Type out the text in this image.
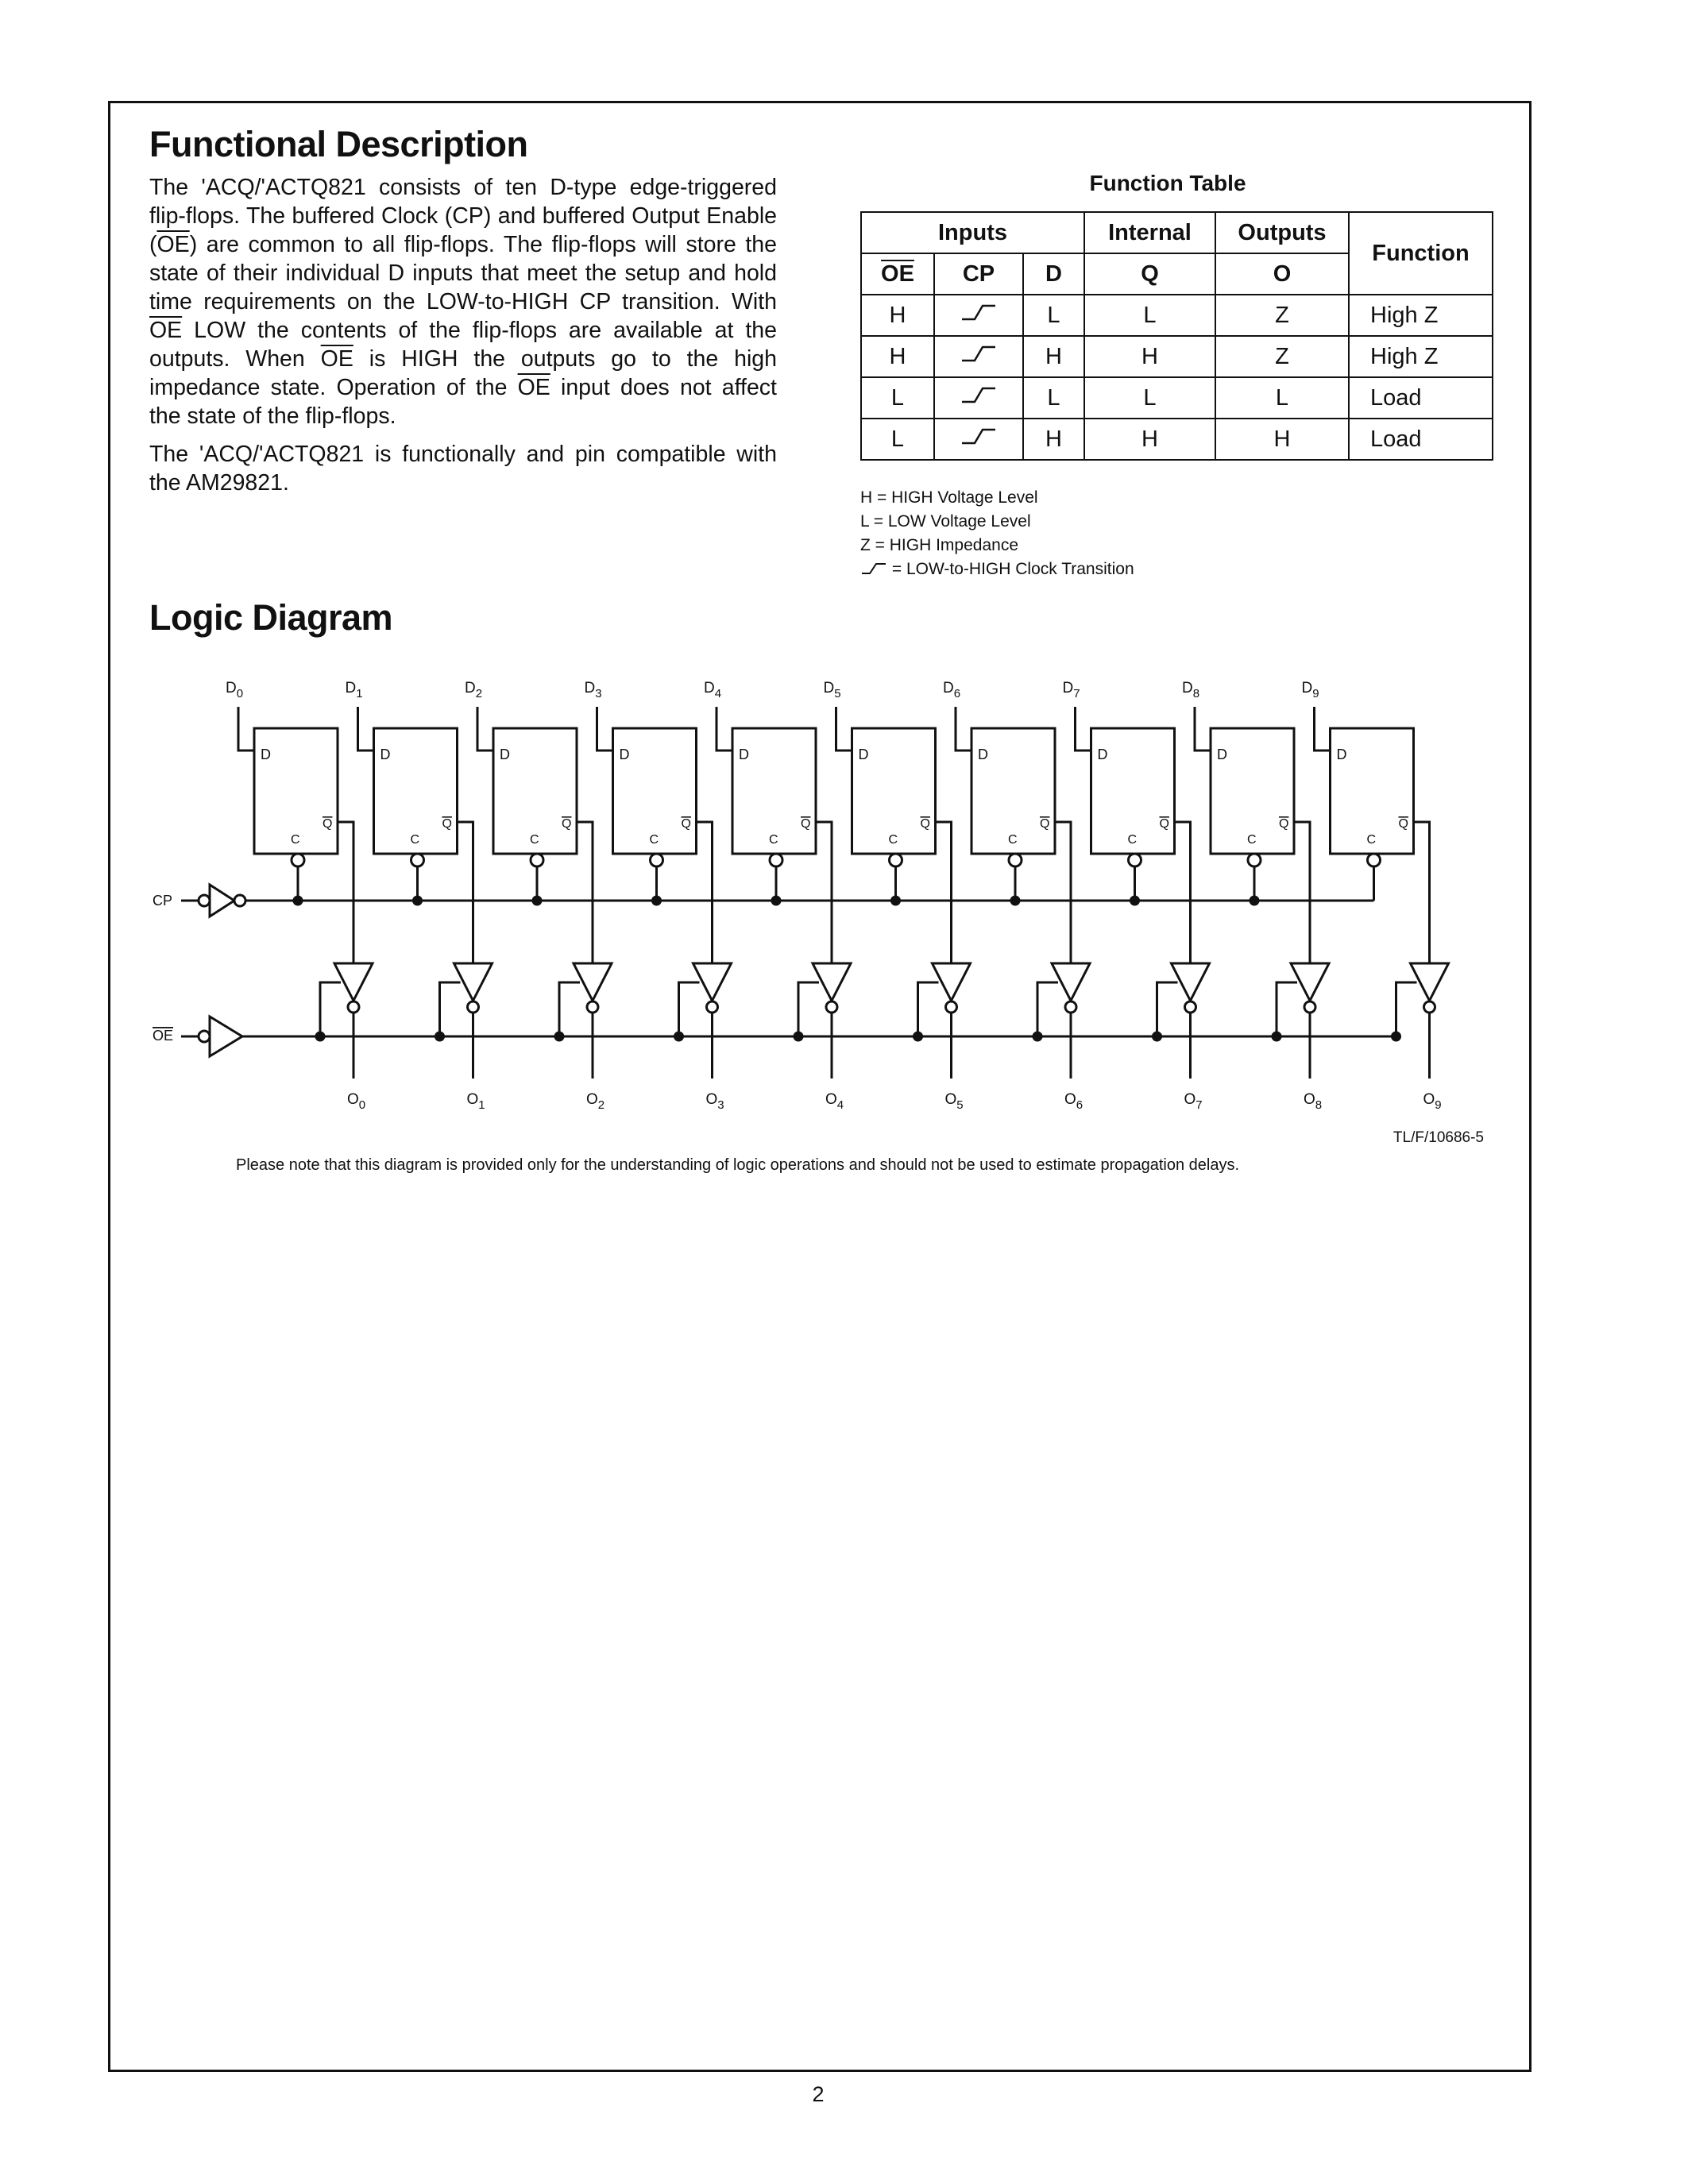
Functional Description

The 'ACQ/'ACTQ821 consists of ten D-type edge-triggered flip-flops. The buffered Clock (CP) and buffered Output Enable $(\overline{OE})$ are common to all flip-flops. The flip-flops will store the state of their individual D inputs that meet the setup and hold time requirements on the LOW-to-HIGH CP transition. With $\overline{OE}$ LOW the contents of the flip-flops are available at the outputs. When $\overline{OE}$ is HIGH the outputs go to the high impedance state. Operation of the $\overline{OE}$ input does not affect the state of the flip-flops.

The 'ACQ/'ACTQ821 is functionally and pin compatible with the AM29821.

Function Table
Inputs			Internal	Outputs	Function
$\overline{OE}$	CP	D	Q	O	
H		L	L	Z	High Z
H		H	H	Z	High Z
L		L	L	L	Load
L		H	H	H	Load
H = HIGH Voltage Level
L = LOW Voltage Level
Z = HIGH Impedance
= LOW-to-HIGH Clock Transition
Logic Diagram
CP
OE
$D_0$
D
C
Q
$O_0$
$D_1$
D
C
Q
$O_1$
$D_2$
D
C
Q
$O_2$
$D_3$
D
C
Q
$O_3$
$D_4$
D
C
Q
$O_4$
$D_5$
D
C
Q
$O_5$
$D_6$
D
C
Q
$O_6$
$D_7$
D
C
Q
$O_7$
$D_8$
D
C
Q
$O_8$
$D_9$
D
C
Q
$O_9$
TL/F/10686-5
Please note that this diagram is provided only for the understanding of logic operations and should not be used to estimate propagation delays.
2
